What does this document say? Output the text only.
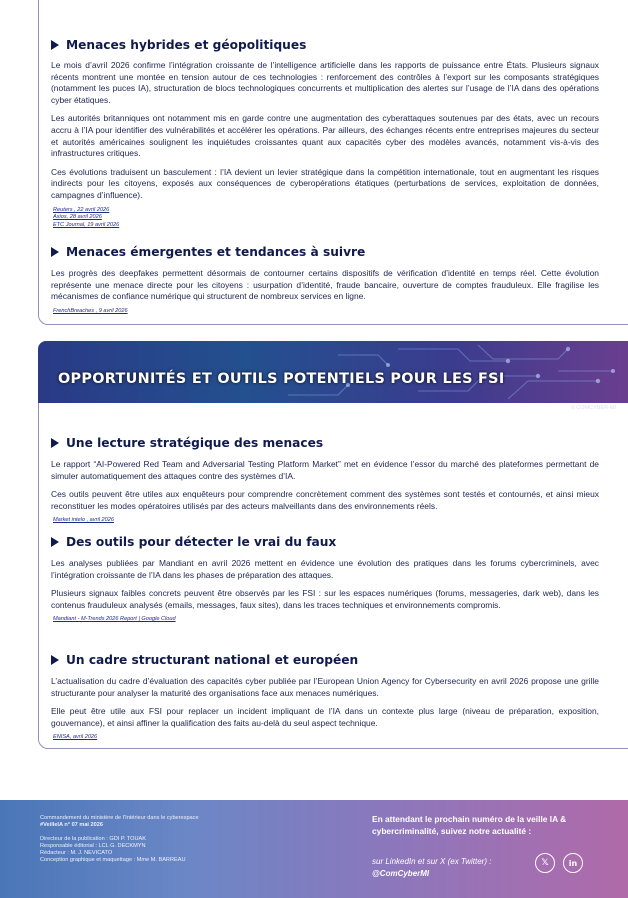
Menaces hybrides et géopolitiques
Le mois d’avril 2026 confirme l’intégration croissante de l’intelligence artificielle dans les rapports de puissance entre États. Plusieurs signaux récents montrent une montée en tension autour de ces technologies : renforcement des contrôles à l’export sur les composants stratégiques (notamment les puces IA), structuration de blocs technologiques concurrents et multiplication des alertes sur l’usage de l’IA dans des opérations cyber étatiques.
Les autorités britanniques ont notamment mis en garde contre une augmentation des cyberattaques soutenues par des états, avec un recours accru à l’IA pour identifier des vulnérabilités et accélérer les opérations. Par ailleurs, des échanges récents entre entreprises majeures du secteur et autorités américaines soulignent les inquiétudes croissantes quant aux capacités cyber des modèles avancés, notamment vis-à-vis des infrastructures critiques.
Ces évolutions traduisent un basculement : l’IA devient un levier stratégique dans la compétition internationale, tout en augmentant les risques indirects pour les citoyens, exposés aux conséquences de cyberopérations étatiques (perturbations de services, exploitation de données, campagnes d’influence).
Reuters , 22 avril 2026
Axios, 28 avril 2026
ETC Journal, 19 avril 2026
Menaces émergentes et tendances à suivre
Les progrès des deepfakes permettent désormais de contourner certains dispositifs de vérification d’identité en temps réel. Cette évolution représente une menace directe pour les citoyens : usurpation d’identité, fraude bancaire, ouverture de comptes frauduleux. Elle fragilise les mécanismes de confiance numérique qui structurent de nombreux services en ligne.
FrenchBreaches , 9 avril 2026
OPPORTUNITÉS ET OUTILS POTENTIELS POUR LES FSI
© COMCYBER-MI
Une lecture stratégique des menaces
Le rapport “AI-Powered Red Team and Adversarial Testing Platform Market” met en évidence l’essor du marché des plateformes permettant de simuler automatiquement des attaques contre des systèmes d’IA.
Ces outils peuvent être utiles aux enquêteurs pour comprendre concrètement comment des systèmes sont testés et contournés, et ainsi mieux reconstituer les modes opératoires utilisés par des acteurs malveillants dans des environnements réels.
Market intelo , avril 2026
Des outils pour détecter le vrai du faux
Les analyses publiées par Mandiant en avril 2026 mettent en évidence une évolution des pratiques dans les forums cybercriminels, avec l’intégration croissante de l’IA dans les phases de préparation des attaques.
Plusieurs signaux faibles concrets peuvent être observés par les FSI : sur les espaces numériques (forums, messageries, dark web), dans les contenus frauduleux analysés (emails, messages, faux sites), dans les traces techniques et environnements compromis.
Mandiant - M-Trends 2026 Report | Google Cloud
Un cadre structurant national et européen
L’actualisation du cadre d’évaluation des capacités cyber publiée par l’European Union Agency for Cybersecurity en avril 2026 propose une grille structurante pour analyser la maturité des organisations face aux menaces numériques.
Elle peut être utile aux FSI pour replacer un incident impliquant de l’IA dans un contexte plus large (niveau de préparation, exposition, gouvernance), et ainsi affiner la qualification des faits au-delà du seul aspect technique.
ENISA, avril 2026
Commandement du ministère de l’Intérieur dans le cyberespace
#VeilleIA n° 07 mai 2026
Directeur de la publication : GDI P. TOUAK
Responsable éditorial : LCL G. DECKMYN
Rédacteur : M. J. NEVICATO
Conception graphique et maquettage : Mme M. BARREAU
En attendant le prochain numéro de la veille IA & cybercriminalité, suivez notre actualité :
sur LinkedIn et sur X (ex Twitter) :
@ComCyberMI
𝕏	in
